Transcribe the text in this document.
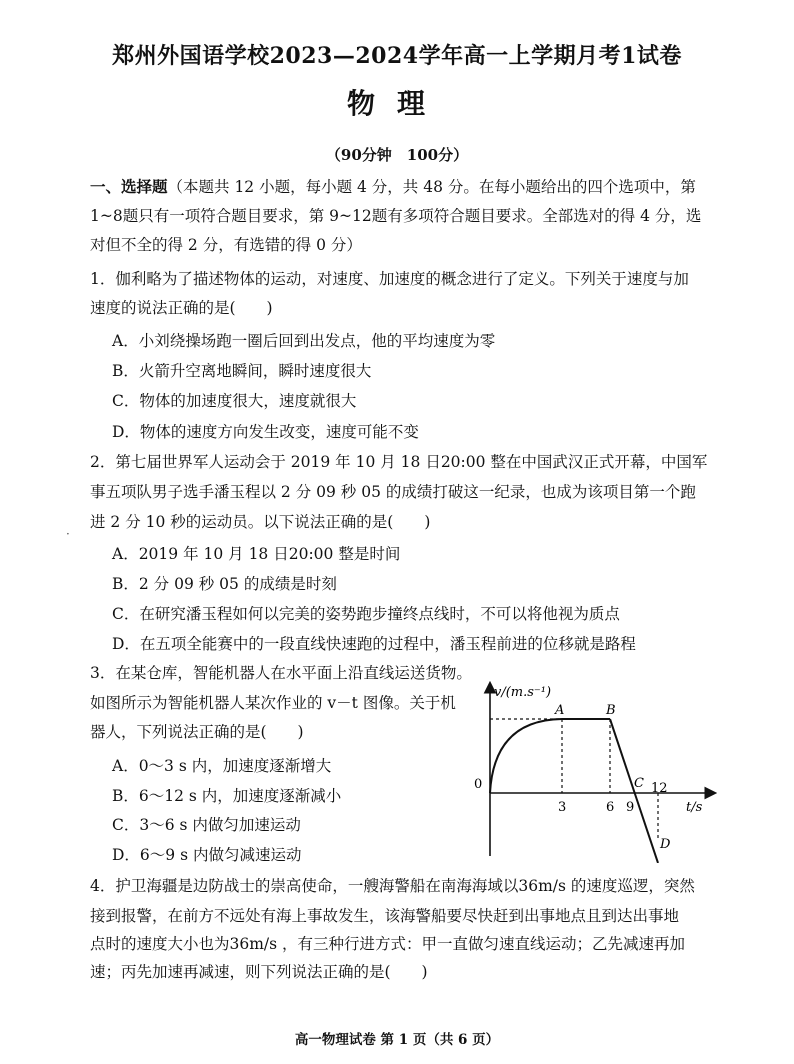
郑州外国语学校2023—2024学年高一上学期月考1试卷
物理
（90分钟　100分）
一、选择题（本题共 12 小题，每小题 4 分，共 48 分。在每小题给出的四个选项中，第
1~8题只有一项符合题目要求，第 9~12题有多项符合题目要求。全部选对的得 4 分，选
对但不全的得 2 分，有选错的得 0 分）
1．伽利略为了描述物体的运动，对速度、加速度的概念进行了定义。下列关于速度与加
速度的说法正确的是(　　)
A．小刘绕操场跑一圈后回到出发点，他的平均速度为零
B．火箭升空离地瞬间，瞬时速度很大
C．物体的加速度很大，速度就很大
D．物体的速度方向发生改变，速度可能不变
2．第七届世界军人运动会于 2019 年 10 月 18 日20:00 整在中国武汉正式开幕，中国军
事五项队男子选手潘玉程以 2 分 09 秒 05 的成绩打破这一纪录，也成为该项目第一个跑
进 2 分 10 秒的运动员。以下说法正确的是(　　)
·
A．2019 年 10 月 18 日20:00 整是时间
B．2 分 09 秒 05 的成绩是时刻
C．在研究潘玉程如何以完美的姿势跑步撞终点线时，不可以将他视为质点
D．在五项全能赛中的一段直线快速跑的过程中，潘玉程前进的位移就是路程
3．在某仓库，智能机器人在水平面上沿直线运送货物。
如图所示为智能机器人某次作业的 v－t 图像。关于机
器人，下列说法正确的是(　　)
A．0～3 s 内，加速度逐渐增大
B．6～12 s 内，加速度逐渐减小
C．3～6 s 内做匀加速运动
D．6～9 s 内做匀减速运动
v/(m.s⁻¹)
t/s
0
3	6 9
12
A	B
C
D
4．护卫海疆是边防战士的崇高使命，一艘海警船在南海海域以36m/s 的速度巡逻，突然
接到报警，在前方不远处有海上事故发生，该海警船要尽快赶到出事地点且到达出事地
点时的速度大小也为36m/s ，有三种行进方式：甲一直做匀速直线运动；乙先减速再加
速；丙先加速再减速，则下列说法正确的是(　　)
高一物理试卷 第 1 页（共 6 页）
